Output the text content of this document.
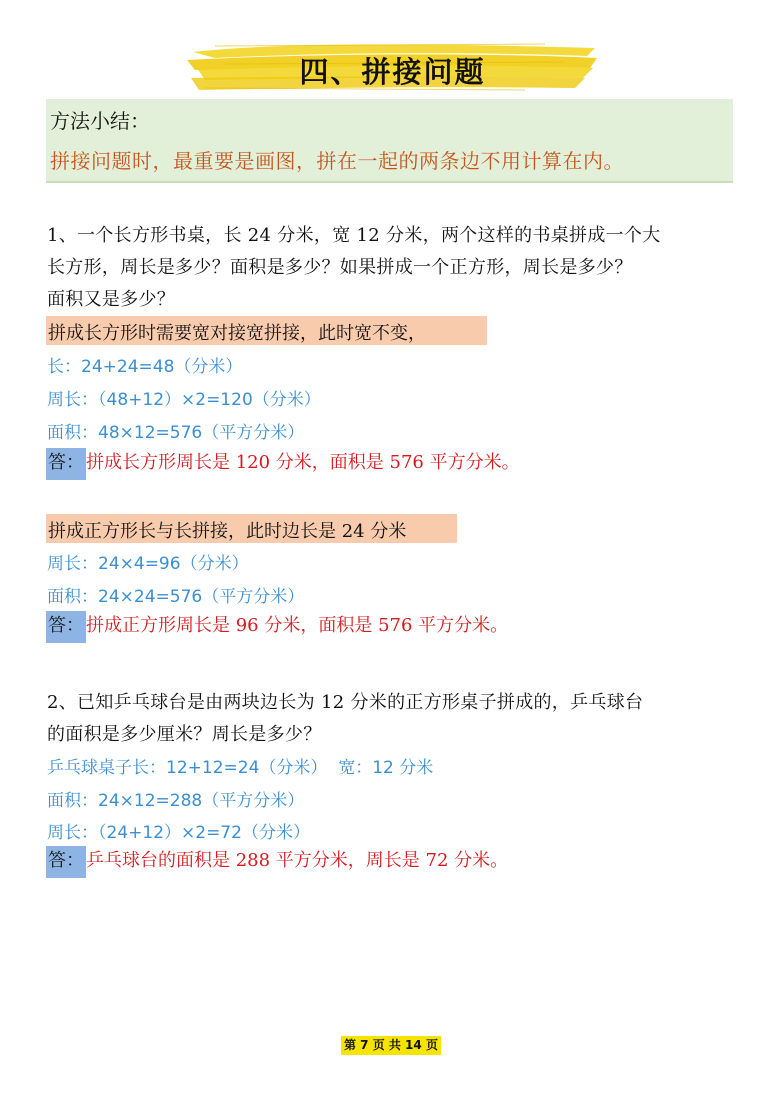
四、拼接问题
方法小结：
拼接问题时，最重要是画图，拼在一起的两条边不用计算在内。
1、一个长方形书桌，长 24 分米，宽 12 分米，两个这样的书桌拼成一个大
长方形，周长是多少？面积是多少？如果拼成一个正方形，周长是多少？
面积又是多少？
拼成长方形时需要宽对接宽拼接，此时宽不变，
长：24+24=48（分米）
周长：（48+12）×2=120（分米）
面积：48×12=576（平方分米）
答： 拼成长方形周长是 120 分米，面积是 576 平方分米。
拼成正方形长与长拼接，此时边长是 24 分米
周长：24×4=96（分米）
面积：24×24=576（平方分米）
答： 拼成正方形周长是 96 分米，面积是 576 平方分米。
2、已知乒乓球台是由两块边长为 12 分米的正方形桌子拼成的，乒乓球台
的面积是多少厘米？周长是多少？
乒乓球桌子长：12+12=24（分米）  宽：12 分米
面积：24×12=288（平方分米）
周长：（24+12）×2=72（分米）
答： 乒乓球台的面积是 288 平方分米，周长是 72 分米。
第 7 页 共 14 页
